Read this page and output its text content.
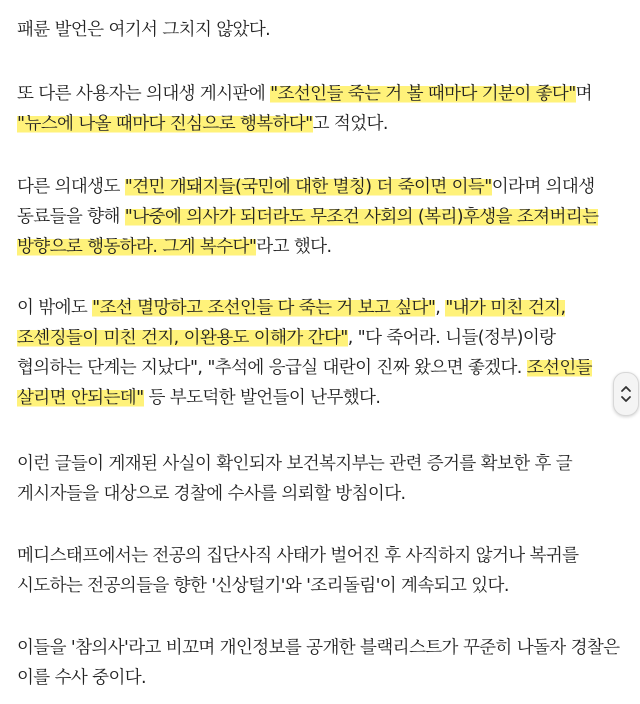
패륜 발언은 여기서 그치지 않았다.

또 다른 사용자는 의대생 게시판에 "조선인들 죽는 거 볼 때마다 기분이 좋다"며 "뉴스에 나올 때마다 진심으로 행복하다"고 적었다.

다른 의대생도 "견민 개돼지들(국민에 대한 멸칭) 더 죽이면 이득"이라며 의대생 동료들을 향해 "나중에 의사가 되더라도 무조건 사회의 (복리)후생을 조져버리는 방향으로 행동하라. 그게 복수다"라고 했다.

이 밖에도 "조선 멸망하고 조선인들 다 죽는 거 보고 싶다", "내가 미친 건지, 조센징들이 미친 건지, 이완용도 이해가 간다", "다 죽어라. 니들(정부)이랑 협의하는 단계는 지났다", "추석에 응급실 대란이 진짜 왔으면 좋겠다. 조선인들 살리면 안되는데" 등 부도덕한 발언들이 난무했다.

이런 글들이 게재된 사실이 확인되자 보건복지부는 관련 증거를 확보한 후 글 게시자들을 대상으로 경찰에 수사를 의뢰할 방침이다.

메디스태프에서는 전공의 집단사직 사태가 벌어진 후 사직하지 않거나 복귀를 시도하는 전공의들을 향한 '신상털기'와 '조리돌림'이 계속되고 있다.

이들을 '참의사'라고 비꼬며 개인정보를 공개한 블랙리스트가 꾸준히 나돌자 경찰은 이를 수사 중이다.
